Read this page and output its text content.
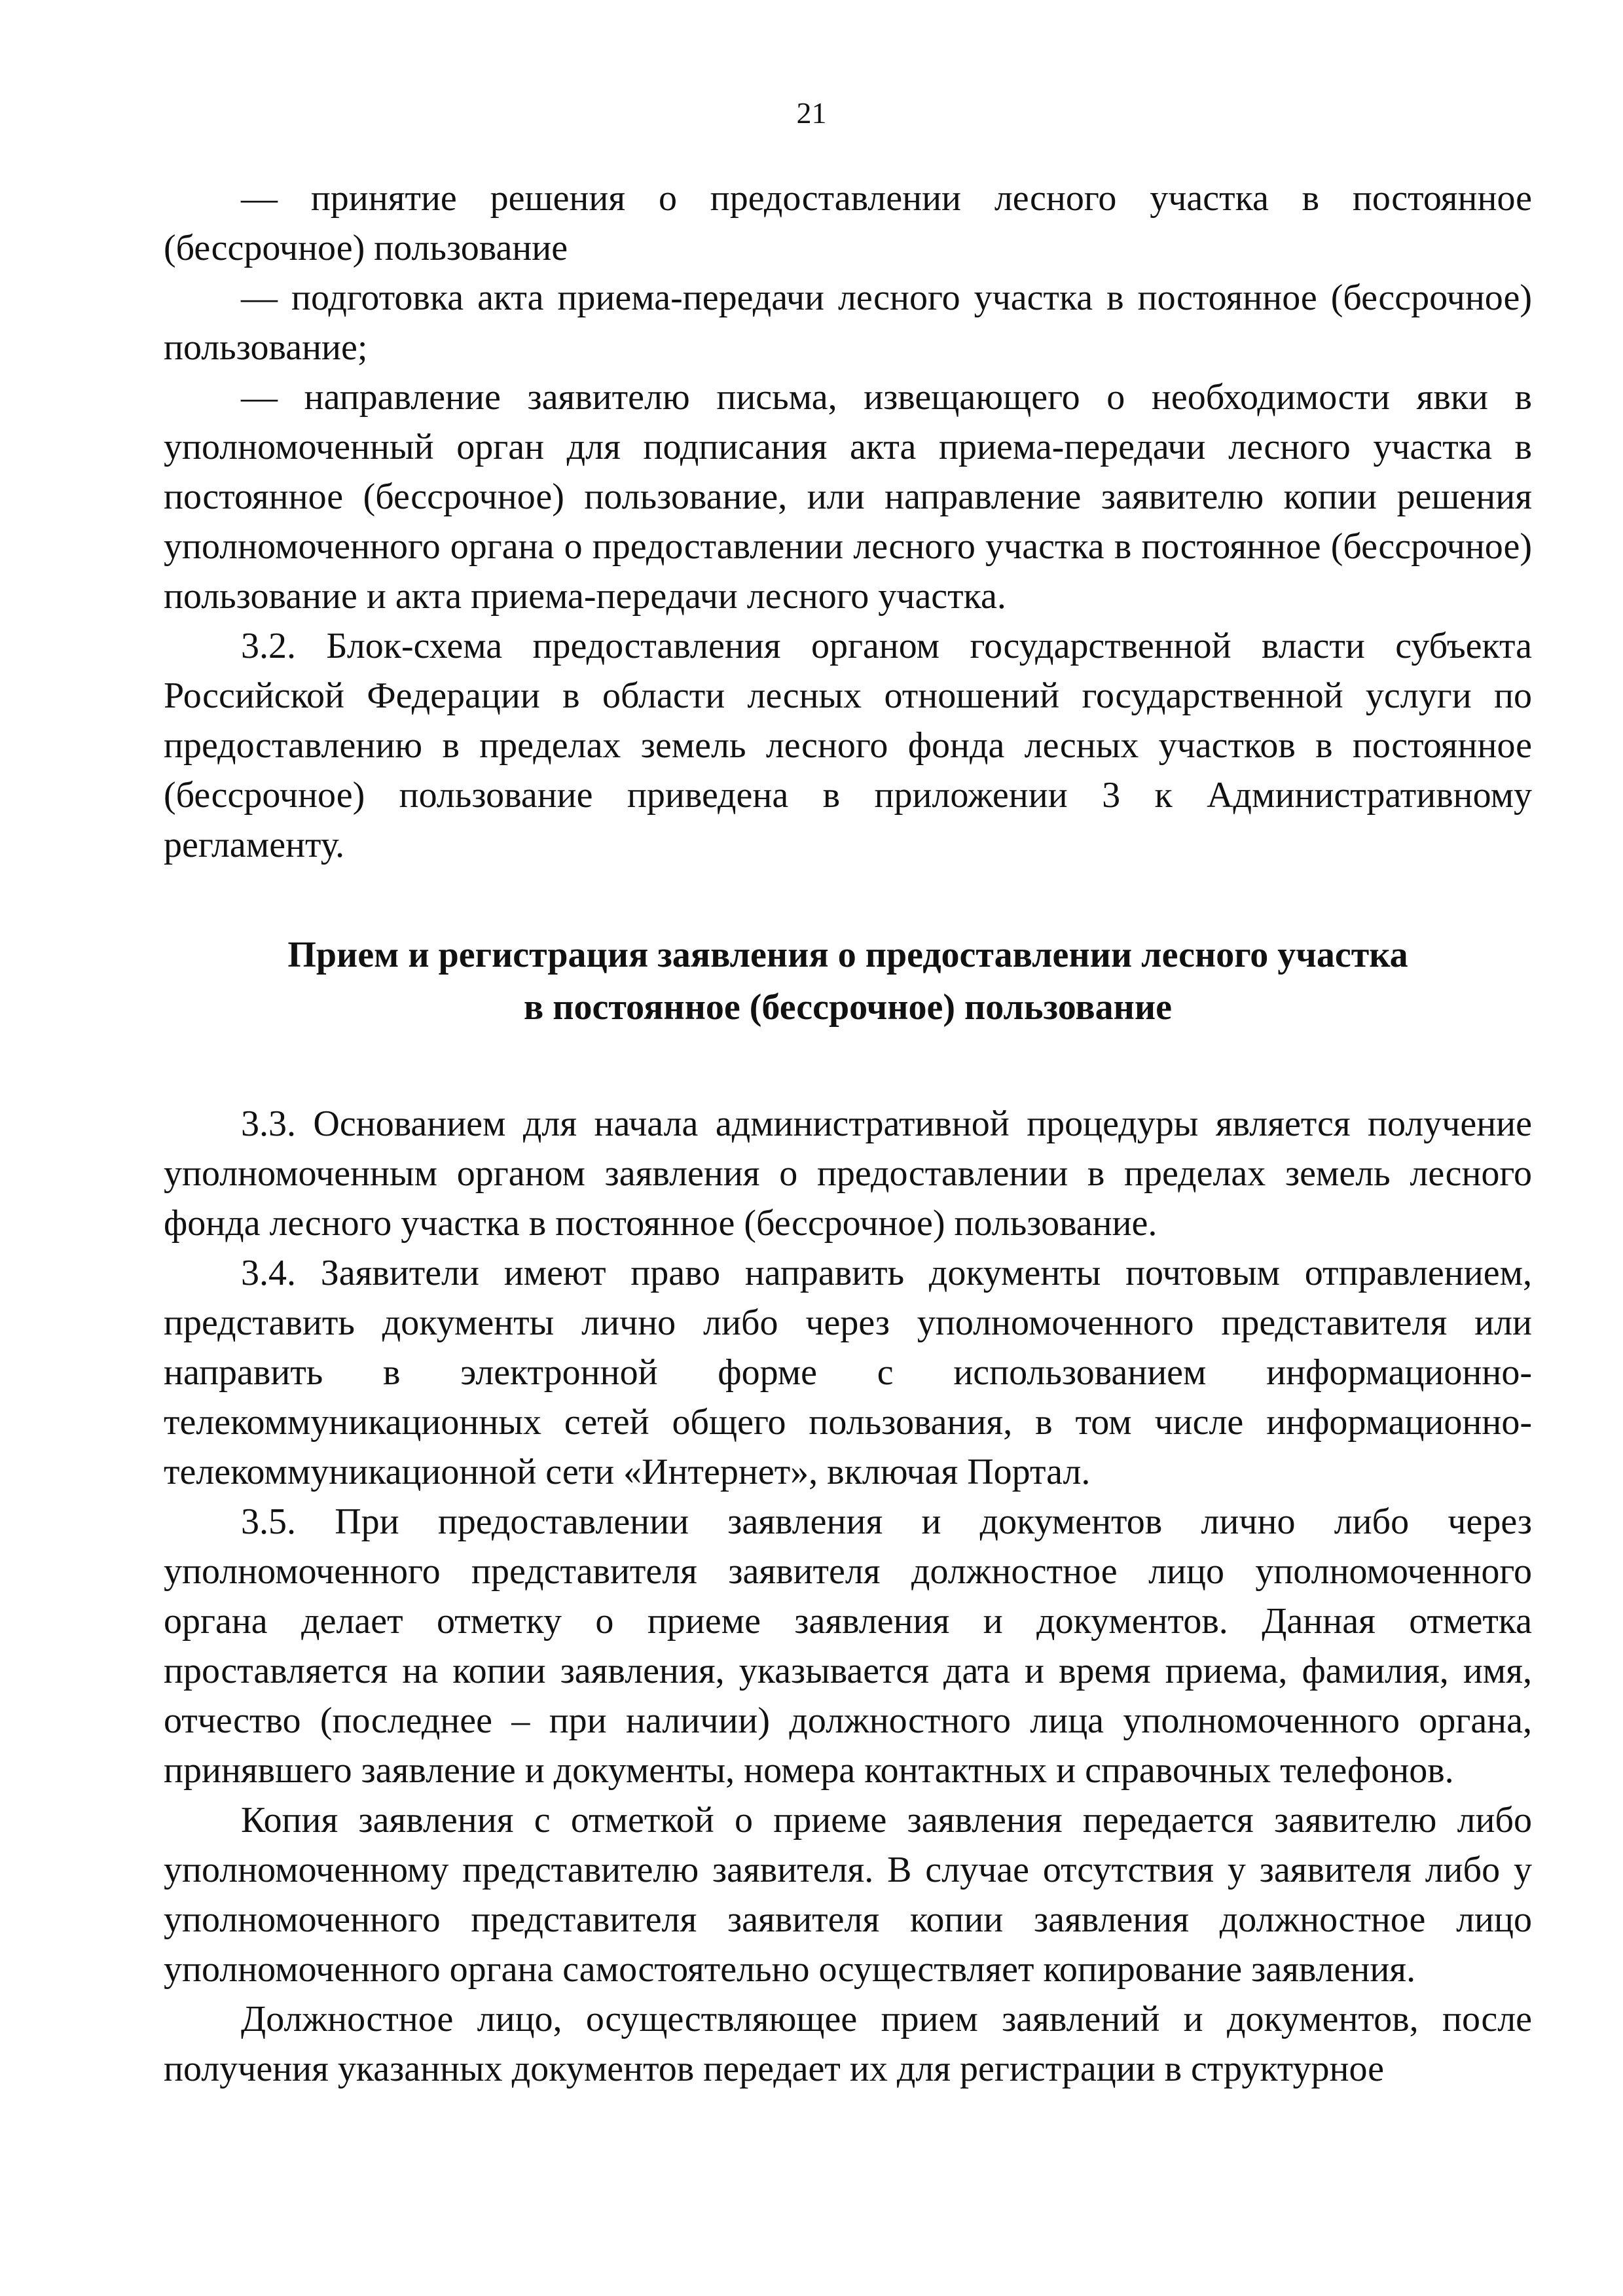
21

— принятие решения о предоставлении лесного участка в постоянное (бессрочное) пользование

— подготовка акта приема-передачи лесного участка в постоянное (бессрочное) пользование;

— направление заявителю письма, извещающего о необходимости явки в уполномоченный орган для подписания акта приема-передачи лесного участка в постоянное (бессрочное) пользование, или направление заявителю копии решения уполномоченного органа о предоставлении лесного участка в постоянное (бессрочное) пользование и акта приема-передачи лесного участка.

3.2. Блок-схема предоставления органом государственной власти субъекта Российской Федерации в области лесных отношений государственной услуги по предоставлению в пределах земель лесного фонда лесных участков в постоянное (бессрочное) пользование приведена в приложении 3 к Административному регламенту.

Прием и регистрация заявления о предоставлении лесного участка
в постоянное (бессрочное) пользование

3.3. Основанием для начала административной процедуры является получение уполномоченным органом заявления о предоставлении в пределах земель лесного фонда лесного участка в постоянное (бессрочное) пользование.

3.4. Заявители имеют право направить документы почтовым отправлением, представить документы лично либо через уполномоченного представителя или направить в электронной форме с использованием информационно-телекоммуникационных сетей общего пользования, в том числе информационно-телекоммуникационной сети «Интернет», включая Портал.

3.5. При предоставлении заявления и документов лично либо через уполномоченного представителя заявителя должностное лицо уполномоченного органа делает отметку о приеме заявления и документов. Данная отметка проставляется на копии заявления, указывается дата и время приема, фамилия, имя, отчество (последнее – при наличии) должностного лица уполномоченного органа, принявшего заявление и документы, номера контактных и справочных телефонов.

Копия заявления с отметкой о приеме заявления передается заявителю либо уполномоченному представителю заявителя. В случае отсутствия у заявителя либо у уполномоченного представителя заявителя копии заявления должностное лицо уполномоченного органа самостоятельно осуществляет копирование заявления.

Должностное лицо, осуществляющее прием заявлений и документов, после получения указанных документов передает их для регистрации в структурное
